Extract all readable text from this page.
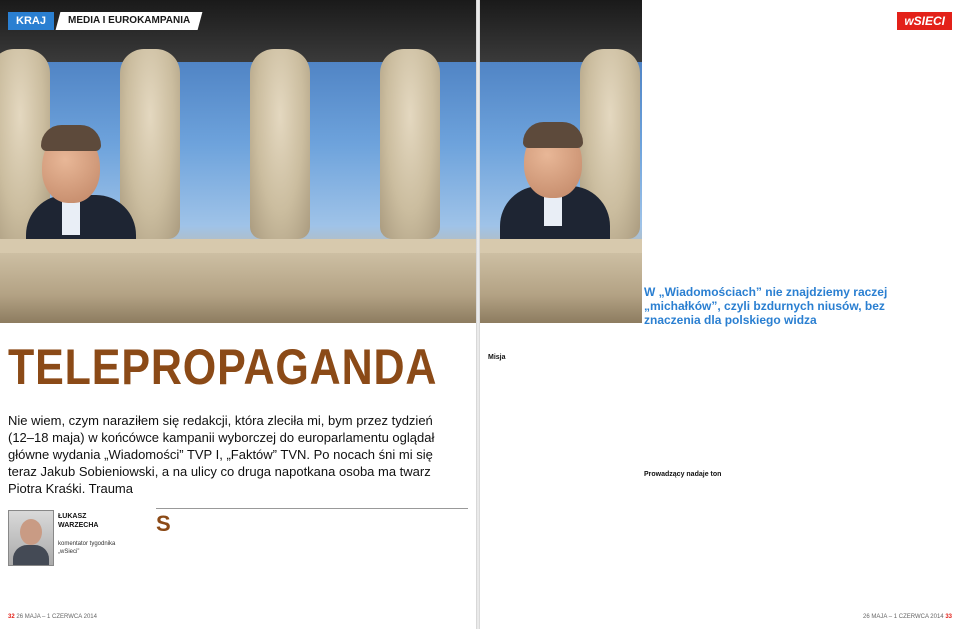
KRAJ	MEDIA I EUROKAMPANIA
TELEPROPAGANDA
Nie wiem, czym naraziłem się redakcji, która zleciła mi, bym przez tydzień (12–18 maja) w końcówce kampanii wyborczej do europarlamentu oglądał główne wydania „Wiadomości” TVP I, „Faktów” TVN. Po nocach śni mi się teraz Jakub Sobieniowski, a na ulicy co druga napotkana osoba ma twarz Piotra Kraśki. Trauma
ŁUKASZ
WARZECHA
komentator tygodnika „wSieci”
S
32 26 MAJA – 1 CZERWCA 2014
wSIECI
W „Wiadomościach” nie znajdziemy raczej „michałków”, czyli bzdurnych niusów, bez znaczenia dla polskiego widza
Misja
Prowadzący nadaje ton
26 MAJA – 1 CZERWCA 2014 33
